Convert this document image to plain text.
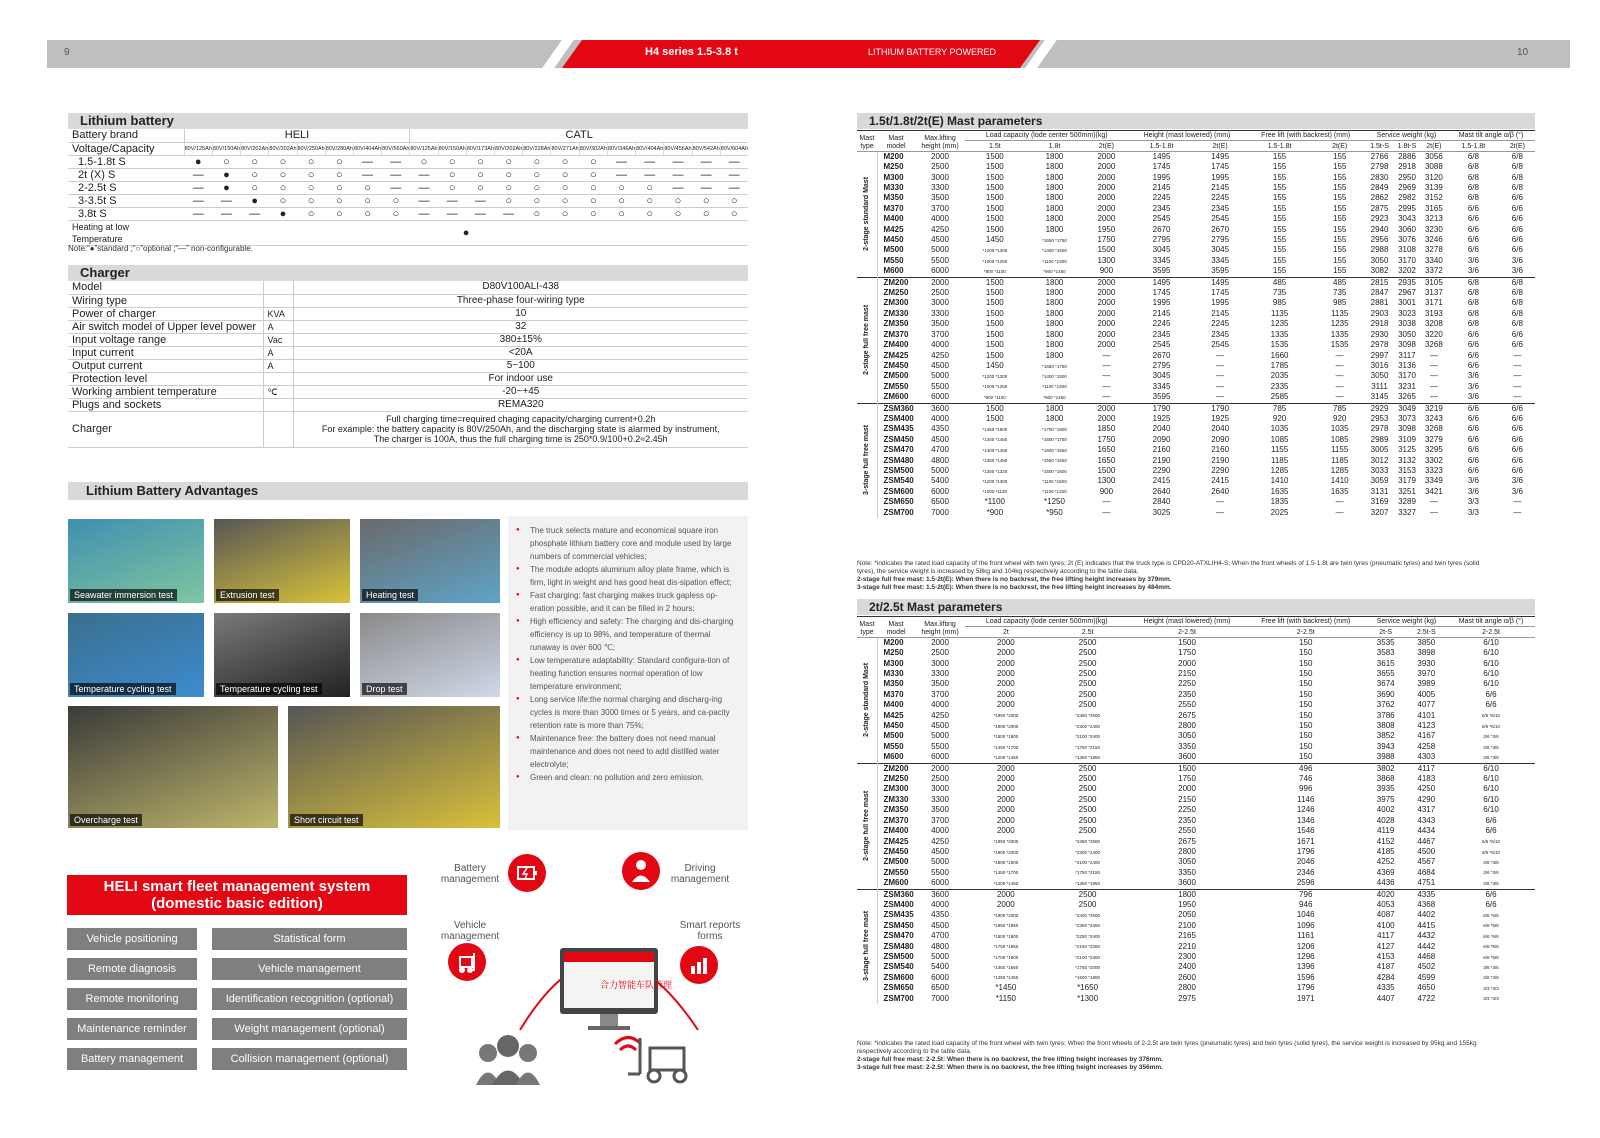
9	10
H4 series 1.5-3.8 t	LITHIUM BATTERY POWERED
Lithium battery
Battery brand	HELI								CATL											
Voltage/Capacity	80V/125Ah	80V/150Ah	80V/202Ah	80V/202Ah	80V/250Ah	80V/280Ah	80V/404Ah	80V/560Ah	80V/125Ah	80V/150Ah	80V/173Ah	80V/202Ah	80V/228Ah	80V/271Ah	80V/302Ah	80V/346Ah	80V/404Ah	80V/456Ah	80V/542Ah	80V/604Ah
1.5-1.8t S	●	○	○	○	○	○	—	—	○	○	○	○	○	○	○	—	—	—	—	—
2t (X) S	—	●	○	○	○	○	—	—	—	○	○	○	○	○	○	—	—	—	—	—
2-2.5t S	—	●	○	○	○	○	○	—	—	○	○	○	○	○	○	○	○	—	—	—
3-3.5t S	—	—	●	○	○	○	○	○	—	—	—	○	○	○	○	○	○	○	○	○
3.8t S	—	—	—	●	○	○	○	○	—	—	—	—	○	○	○	○	○	○	○	○
Heating at low Temperature	●																			
Note:“●”standard ;“○”optional ;“—” non-configurable.
Charger
Model		D80V100ALI-438
Wiring type		Three-phase four-wiring type
Power of charger	KVA	10
Air switch model of Upper level power	A	32
Input voltage range	Vac	380±15%
Input current	A	<20A
Output current	A	5~100
Protection level		For indoor use
Working ambient temperature	℃	-20~+45
Plugs and sockets		REMA320
Charger		Full charging time=required chaging capacity/charging current+0.2h
For example: the battery capacity is 80V/250Ah, and the discharging state is alarmed by instrument,
The charger is 100A, thus the full charging time is 250*0.9/100+0.2≈2.45h
Lithium Battery Advantages
Seawater immersion test	Extrusion test	Heating test
Temperature cycling test	Temperature cycling test	Drop test
Overcharge test	Short circuit test
● The truck selects mature and economical square iron phosphate lithium battery core and module used by large numbers of commercial vehicles;
● The module adopts aluminum alloy plate frame, which is firm, light in weight and has good heat dis-sipation effect;
● Fast charging: fast charging makes truck gapless op-eration possible, and it can be filled in 2 hours;
● High efficiency and safety: The charging and dis-charging efficiency is up to 98%, and temperature of thermal runaway is over 600 ℃;
● Low temperature adaptability: Standard configura-tion of heating function ensures normal operation of low temperature environment;
● Long service life:the normal charging and discharg-ing cycles is more than 3000 times or 5 years, and ca-pacity retention rate is more than 75%;
● Maintenance free: the battery does not need manual maintenance and does not need to add distilled water electrolyte;
● Green and clean: no pollution and zero emission.
HELI smart fleet management system
(domestic basic edition)
Vehicle positioning
Remote diagnosis
Remote monitoring
Maintenance reminder
Battery management
Statistical form
Vehicle management
Identification recognition (optional)
Weight management (optional)
Collision management (optional)
合力智能车队管理
Battery
management
Driving
management
Vehicle
management
Smart reports
forms
1.5t/1.8t/2t(E) Mast parameters
Mast type	Mast model	Max.lifting height (mm)	Load capacity (lode center 500mm)(kg)			Height (mast lowered) (mm)		Free lift (with backrest) (mm)		Service weight (kg)			Mast tilt angle α/β (°)	
			1.5t	1.8t	2t(E)	1.5-1.8t	2t(E)	1.5-1.8t	2t(E)	1.5t-S	1.8t-S	2t(E)	1.5-1.8t	2t(E)
2-stage standard Mast	M200	2000	1500	1800	2000	1495	1495	155	155	2766	2886	3056	6/8	6/8
	M250	2500	1500	1800	2000	1745	1745	155	155	2798	2918	3088	6/8	6/8
	M300	3000	1500	1800	2000	1995	1995	155	155	2830	2950	3120	6/8	6/8
	M330	3300	1500	1800	2000	2145	2145	155	155	2849	2969	3139	6/8	6/8
	M350	3500	1500	1800	2000	2245	2245	155	155	2862	2982	3152	6/8	6/6
	M370	3700	1500	1800	2000	2345	2345	155	155	2875	2995	3165	6/6	6/6
	M400	4000	1500	1800	2000	2545	2545	155	155	2923	3043	3213	6/6	6/6
	M425	4250	1500	1800	1950	2670	2670	155	155	2940	3060	3230	6/6	6/6
	M450	4500	1450	*1650 *1750	1750	2795	2795	155	155	2956	3076	3246	6/6	6/6
	M500	5000	*1200 *1300	*1400 *1500	1500	3045	3045	155	155	2988	3108	3278	6/6	6/6
	M550	5500	*1000 *1250	*1100 *1300	1300	3345	3345	155	155	3050	3170	3340	3/6	3/6
	M600	6000	*800 *1100	*900 *1450	900	3595	3595	155	155	3082	3202	3372	3/6	3/6
2-stage full free mast	ZM200	2000	1500	1800	2000	1495	1495	485	485	2815	2935	3105	6/8	6/8
	ZM250	2500	1500	1800	2000	1745	1745	735	735	2847	2967	3137	6/8	6/8
	ZM300	3000	1500	1800	2000	1995	1995	985	985	2881	3001	3171	6/8	6/8
	ZM330	3300	1500	1800	2000	2145	2145	1135	1135	2903	3023	3193	6/8	6/8
	ZM350	3500	1500	1800	2000	2245	2245	1235	1235	2918	3038	3208	6/8	6/8
	ZM370	3700	1500	1800	2000	2345	2345	1335	1335	2930	3050	3220	6/6	6/6
	ZM400	4000	1500	1800	2000	2545	2545	1535	1535	2978	3098	3268	6/6	6/6
	ZM425	4250	1500	1800	—	2670	—	1660	—	2997	3117	—	6/6	—
	ZM450	4500	1450	*1650 *1750	—	2795	—	1785	—	3016	3136	—	6/6	—
	ZM500	5000	*1200 *1300	*1400 *1500	—	3045	—	2035	—	3050	3170	—	3/6	—
	ZM550	5500	*1000 *1250	*1100 *1300	—	3345	—	2335	—	3111	3231	—	3/6	—
	ZM600	6000	*800 *1100	*900 *1450	—	3595	—	2585	—	3145	3265	—	3/6	—
3-stage full free mast	ZSM360	3600	1500	1800	2000	1790	1790	785	785	2929	3049	3219	6/6	6/6
	ZSM400	4000	1500	1800	2000	1925	1925	920	920	2953	3073	3243	6/6	6/6
	ZSM435	4350	*1450 *1500	*1700 *1800	1850	2040	2040	1035	1035	2978	3098	3268	6/6	6/6
	ZSM450	4500	*1400 *1450	*1600 *1750	1750	2090	2090	1085	1085	2989	3109	3279	6/6	6/6
	ZSM470	4700	*1400 *1450	*1600 *1650	1650	2160	2160	1155	1155	3005	3125	3295	6/6	6/6
	ZSM480	4800	*1350 *1450	*1550 *1650	1650	2190	2190	1185	1185	3012	3132	3302	6/6	6/6
	ZSM500	5000	*1300 *1320	*1500 *1600	1500	2290	2290	1285	1285	3033	3153	3323	6/6	6/6
	ZSM540	5400	*1200 *1300	*1100 *1500	1300	2415	2415	1410	1410	3059	3179	3349	3/6	3/6
	ZSM600	6000	*1000 *1130	*1100 *1250	900	2640	2640	1635	1635	3131	3251	3421	3/6	3/6
	ZSM650	6500	*1100	*1250	—	2840	—	1835	—	3169	3289	—	3/3	—
	ZSM700	7000	*900	*950	—	3025	—	2025	—	3207	3327	—	3/3	—
Note: *indicates the rated load capacity of the front wheel with twin tyres; 2t (E) indicates that the truck type is CPD20-ATXLIH4-S; When the front wheels of 1.5-1.8t are twin tyres (pneumatic tyres) and twin tyres (solid
tyres), the service weight is increased by 58kg and 104kg respectively according to the table data.
2-stage full free mast: 1.5-2t(E): When there is no backrest, the free lifting height increases by 379mm.
3-stage full free mast: 1.5-2t(E): When there is no backrest, the free lifting height increases by 484mm.
2t/2.5t Mast parameters
Mast type	Mast model	Max.lifting height (mm)	Load capacity (lode center 500mm)(kg)		Height (mast lowered) (mm)	Free lift (with backrest) (mm)	Service weight (kg)		Mast tilt angle α/β (°)
			2t	2.5t	2-2.5t	2-2.5t	2t-S	2.5t-S	2-2.5t
2-stage standard Mast	M200	2000	2000	2500	1500	150	3535	3850	6/10
	M250	2500	2000	2500	1750	150	3583	3898	6/10
	M300	3000	2000	2500	2000	150	3615	3930	6/10
	M330	3300	2000	2500	2150	150	3655	3970	6/10
	M350	3500	2000	2500	2250	150	3674	3989	6/10
	M370	3700	2000	2500	2350	150	3690	4005	6/6
	M400	4000	2000	2500	2550	150	3762	4077	6/6
	M425	4250	*1950 *2000	*2450 *2500	2675	150	3786	4101	6/6 *6/10
	M450	4500	*1900 *2000	*2300 *2400	2800	150	3808	4123	6/6 *6/10
	M500	5000	*1800 *1900	*2100 *2400	3050	150	3852	4167	3/6 *3/6
	M550	5500	*1450 *1700	*1750 *2150	3350	150	3943	4258	3/6 *3/6
	M600	6000	*1200 *1450	*1350 *1950	3600	150	3988	4303	3/6 *3/6
2-stage full free mast	ZM200	2000	2000	2500	1500	496	3802	4117	6/10
	ZM250	2500	2000	2500	1750	746	3868	4183	6/10
	ZM300	3000	2000	2500	2000	996	3935	4250	6/10
	ZM330	3300	2000	2500	2150	1146	3975	4290	6/10
	ZM350	3500	2000	2500	2250	1246	4002	4317	6/10
	ZM370	3700	2000	2500	2350	1346	4028	4343	6/6
	ZM400	4000	2000	2500	2550	1546	4119	4434	6/6
	ZM425	4250	*1950 *2000	*2450 *2500	2675	1671	4152	4467	6/6 *6/10
	ZM450	4500	*1900 *2000	*2300 *2400	2800	1796	4185	4500	6/6 *6/10
	ZM500	5000	*1800 *1900	*2100 *2400	3050	2046	4252	4567	3/6 *3/6
	ZM550	5500	*1450 *1700	*1750 *2150	3350	2346	4369	4684	3/6 *3/6
	ZM600	6000	*1200 *1450	*1350 *1950	3600	2596	4436	4751	3/6 *3/6
3-stage full free mast	ZSM360	3600	2000	2500	1800	796	4020	4335	6/6
	ZSM400	4000	2000	2500	1950	946	4053	4368	6/6
	ZSM435	4350	*1900 *2000	*2400 *2500	2050	1046	4087	4402	6/6 *6/6
	ZSM450	4500	*1850 *1950	*2350 *2450	2100	1096	4100	4415	6/6 *6/6
	ZSM470	4700	*1800 *1900	*2250 *2400	2165	1161	4117	4432	6/6 *6/6
	ZSM480	4800	*1750 *1850	*2150 *2350	2210	1206	4127	4442	6/6 *6/6
	ZSM500	5000	*1700 *1800	*2100 *2300	2300	1296	4153	4468	6/6 *6/6
	ZSM540	5400	*1450 *1650	*1750 *2000	2400	1396	4187	4502	3/6 *3/6
	ZSM600	6000	*1250 *1450	*1600 *1800	2600	1596	4284	4599	3/6 *3/6
	ZSM650	6500	*1450	*1650	2800	1796	4335	4650	3/3 *3/3
	ZSM700	7000	*1150	*1300	2975	1971	4407	4722	3/3 *3/3
Note: *indicates the rated load capacity of the front wheel with twin tyres; When the front wheels of 2-2.5t are twin tyres (pneumatic tyres) and twin tyres (solid tyres), the service weight is increased by 95kg and 155kg
respectively according to the table data.
2-stage full free mast: 2-2.5t: When there is no backrest, the free lifting height increases by 376mm.
3-stage full free mast: 2-2.5t: When there is no backrest, the free lifting height increases by 356mm.
